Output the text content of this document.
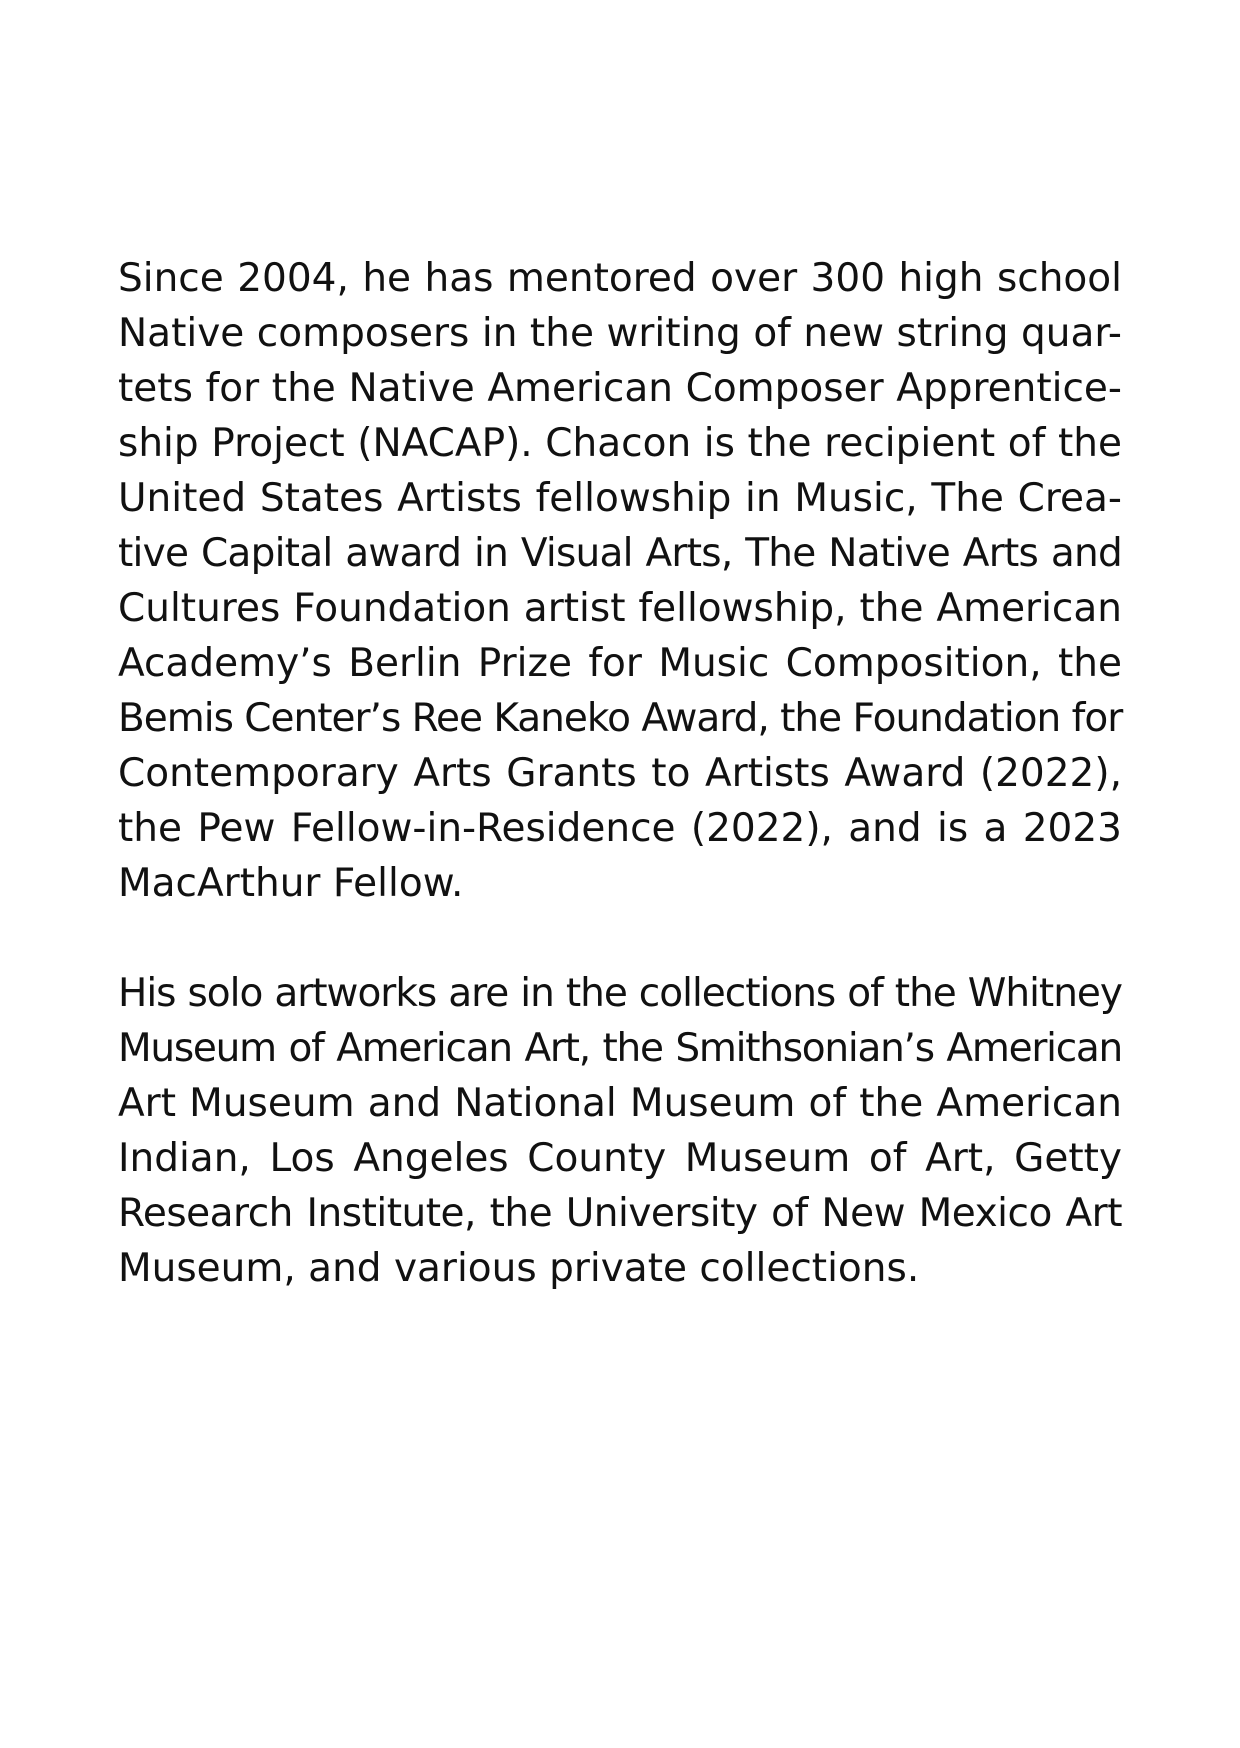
Since 2004, he has mentored over 300 high school
Native composers in the writing of new string quar-
tets for the Native American Composer Apprentice-
ship Project (NACAP). Chacon is the recipient of the
United States Artists fellowship in Music, The Crea-
tive Capital award in Visual Arts, The Native Arts and
Cultures Foundation artist fellowship, the American
Academy’s Berlin Prize for Music Composition, the
Bemis Center’s Ree Kaneko Award, the Foundation for
Contemporary Arts Grants to Artists Award (2022),
the Pew Fellow-in-Residence (2022), and is a 2023
MacArthur Fellow.
His solo artworks are in the collections of the Whitney
Museum of American Art, the Smithsonian’s American
Art Museum and National Museum of the American
Indian, Los Angeles County Museum of Art, Getty
Research Institute, the University of New Mexico Art
Museum, and various private collections.
